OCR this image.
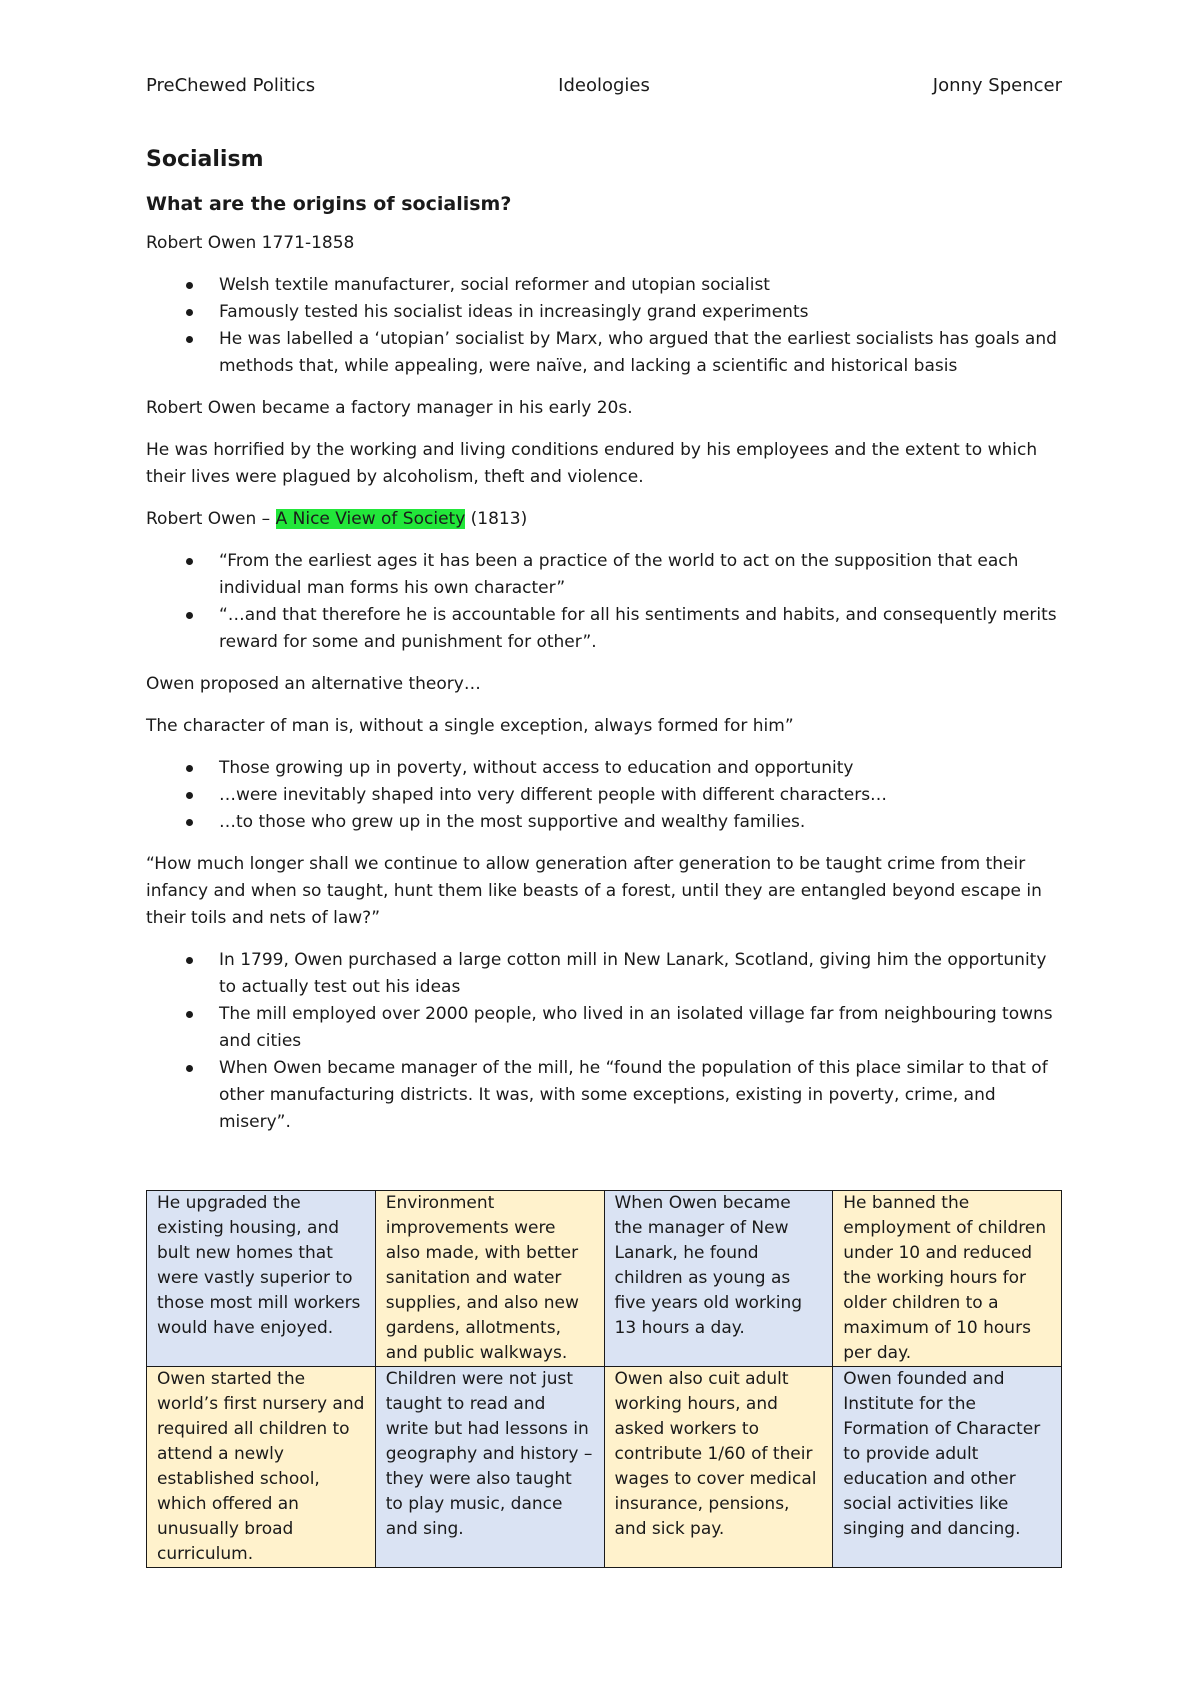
PreChewed Politics	Ideologies	Jonny Spencer
Socialism
What are the origins of socialism?

Robert Owen 1771-1858

Welsh textile manufacturer, social reformer and utopian socialist
Famously tested his socialist ideas in increasingly grand experiments
He was labelled a ‘utopian’ socialist by Marx, who argued that the earliest socialists has goals and methods that, while appealing, were naïve, and lacking a scientific and historical basis

Robert Owen became a factory manager in his early 20s.

He was horrified by the working and living conditions endured by his employees and the extent to which their lives were plagued by alcoholism, theft and violence.

Robert Owen – A Nice View of Society (1813)

“From the earliest ages it has been a practice of the world to act on the supposition that each individual man forms his own character”
“…and that therefore he is accountable for all his sentiments and habits, and consequently merits reward for some and punishment for other”.

Owen proposed an alternative theory…

The character of man is, without a single exception, always formed for him”

Those growing up in poverty, without access to education and opportunity
…were inevitably shaped into very different people with different characters…
…to those who grew up in the most supportive and wealthy families.

“How much longer shall we continue to allow generation after generation to be taught crime from their infancy and when so taught, hunt them like beasts of a forest, until they are entangled beyond escape in their toils and nets of law?”

In 1799, Owen purchased a large cotton mill in New Lanark, Scotland, giving him the opportunity to actually test out his ideas
The mill employed over 2000 people, who lived in an isolated village far from neighbouring towns and cities
When Owen became manager of the mill, he “found the population of this place similar to that of other manufacturing districts. It was, with some exceptions, existing in poverty, crime, and misery”.
He upgraded the existing housing, and bult new homes that were vastly superior to those most mill workers would have enjoyed.	Environment improvements were also made, with better sanitation and water supplies, and also new gardens, allotments, and public walkways.	When Owen became the manager of New Lanark, he found children as young as five years old working 13 hours a day.	He banned the employment of children under 10 and reduced the working hours for older children to a maximum of 10 hours per day.
Owen started the world’s first nursery and required all children to attend a newly established school, which offered an unusually broad curriculum.	Children were not just taught to read and write but had lessons in geography and history – they were also taught to play music, dance and sing.	Owen also cuit adult working hours, and asked workers to contribute 1/60 of their wages to cover medical insurance, pensions, and sick pay.	Owen founded and Institute for the Formation of Character to provide adult education and other social activities like singing and dancing.
